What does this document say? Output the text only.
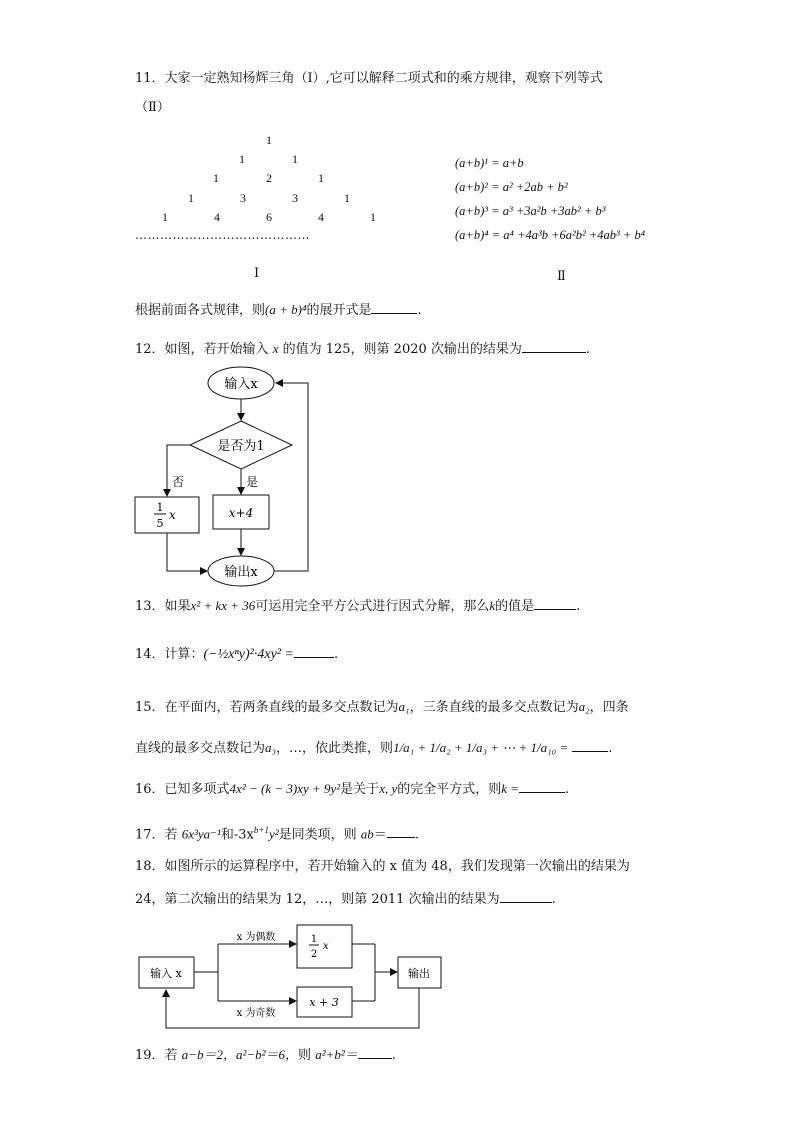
11．大家一定熟知杨辉三角（Ⅰ）,它可以解释二项式和的乘方规律，观察下列等式
（Ⅱ）
1
1	1
1	2	1
1	3	3	1
1	4	6	4	1
……………………………………
Ⅰ	Ⅱ
(a+b)¹ = a+b
(a+b)² = a² +2ab + b²
(a+b)³ = a³ +3a²b +3ab² + b³
(a+b)⁴ = a⁴ +4a³b +6a²b² +4ab³ + b⁴
根据前面各式规律，则(a + b)⁴的展开式是	.
12．如图，若开始输入 x 的值为 125，则第 2020 次输出的结果为	.
输入x
是否为1
否	是
1
5
x	x+4
输出x
13．如果x² + kx + 36可运用完全平方公式进行因式分解，那么k的值是	.
14．计算：(−½xⁿy)²·4xy² =	.
15．在平面内，若两条直线的最多交点数记为a₁，三条直线的最多交点数记为a₂，四条
直线的最多交点数记为a₃，…，依此类推，则1/a₁ + 1/a₂ + 1/a₃ + ⋯ + 1/a₁₀ =	.
16．已知多项式4x² − (k − 3)xy + 9y²是关于x, y的完全平方式，则k =	.
17．若 6x³ya⁻¹和$-3x^{b+1}y^2$是同类项，则 ab＝ .
18．如图所示的运算程序中，若开始输入的 x 值为 48，我们发现第一次输出的结果为
24，第二次输出的结果为 12，…，则第 2011 次输出的结果为	.
输入 x
x 为偶数
x 为奇数
1
2
x
x + 3
输出
19．若 a−b＝2，a²−b²＝6，则 a²+b²＝	.
